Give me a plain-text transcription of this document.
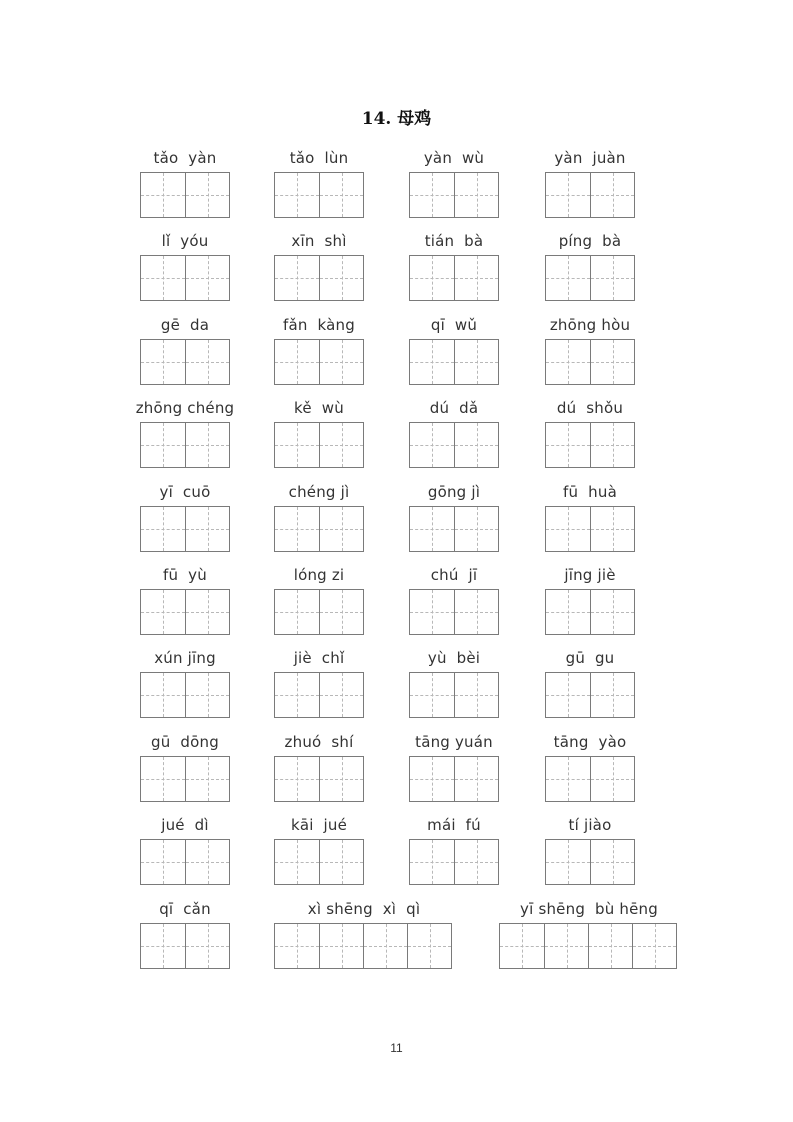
14. 母鸡
tǎo  yàn	tǎo  lùn	yàn  wù	yàn  juàn
lǐ  yóu	xīn  shì	tián  bà	píng  bà
gē  da	fǎn  kàng	qī  wǔ	zhōng hòu
zhōng chéng	kě  wù	dú  dǎ	dú  shǒu
yī  cuō	chéng jì	gōng jì	fū  huà
fū  yù	lóng zi	chú  jī	jīng jiè
xún jīng	jiè  chǐ	yù  bèi	gū  gu
gū  dōng	zhuó  shí	tāng yuán	tāng  yào
jué  dì	kāi  jué	mái  fú	tí jiào
qī  cǎn	xì shēng  xì  qì	yī shēng  bù hēng
11
